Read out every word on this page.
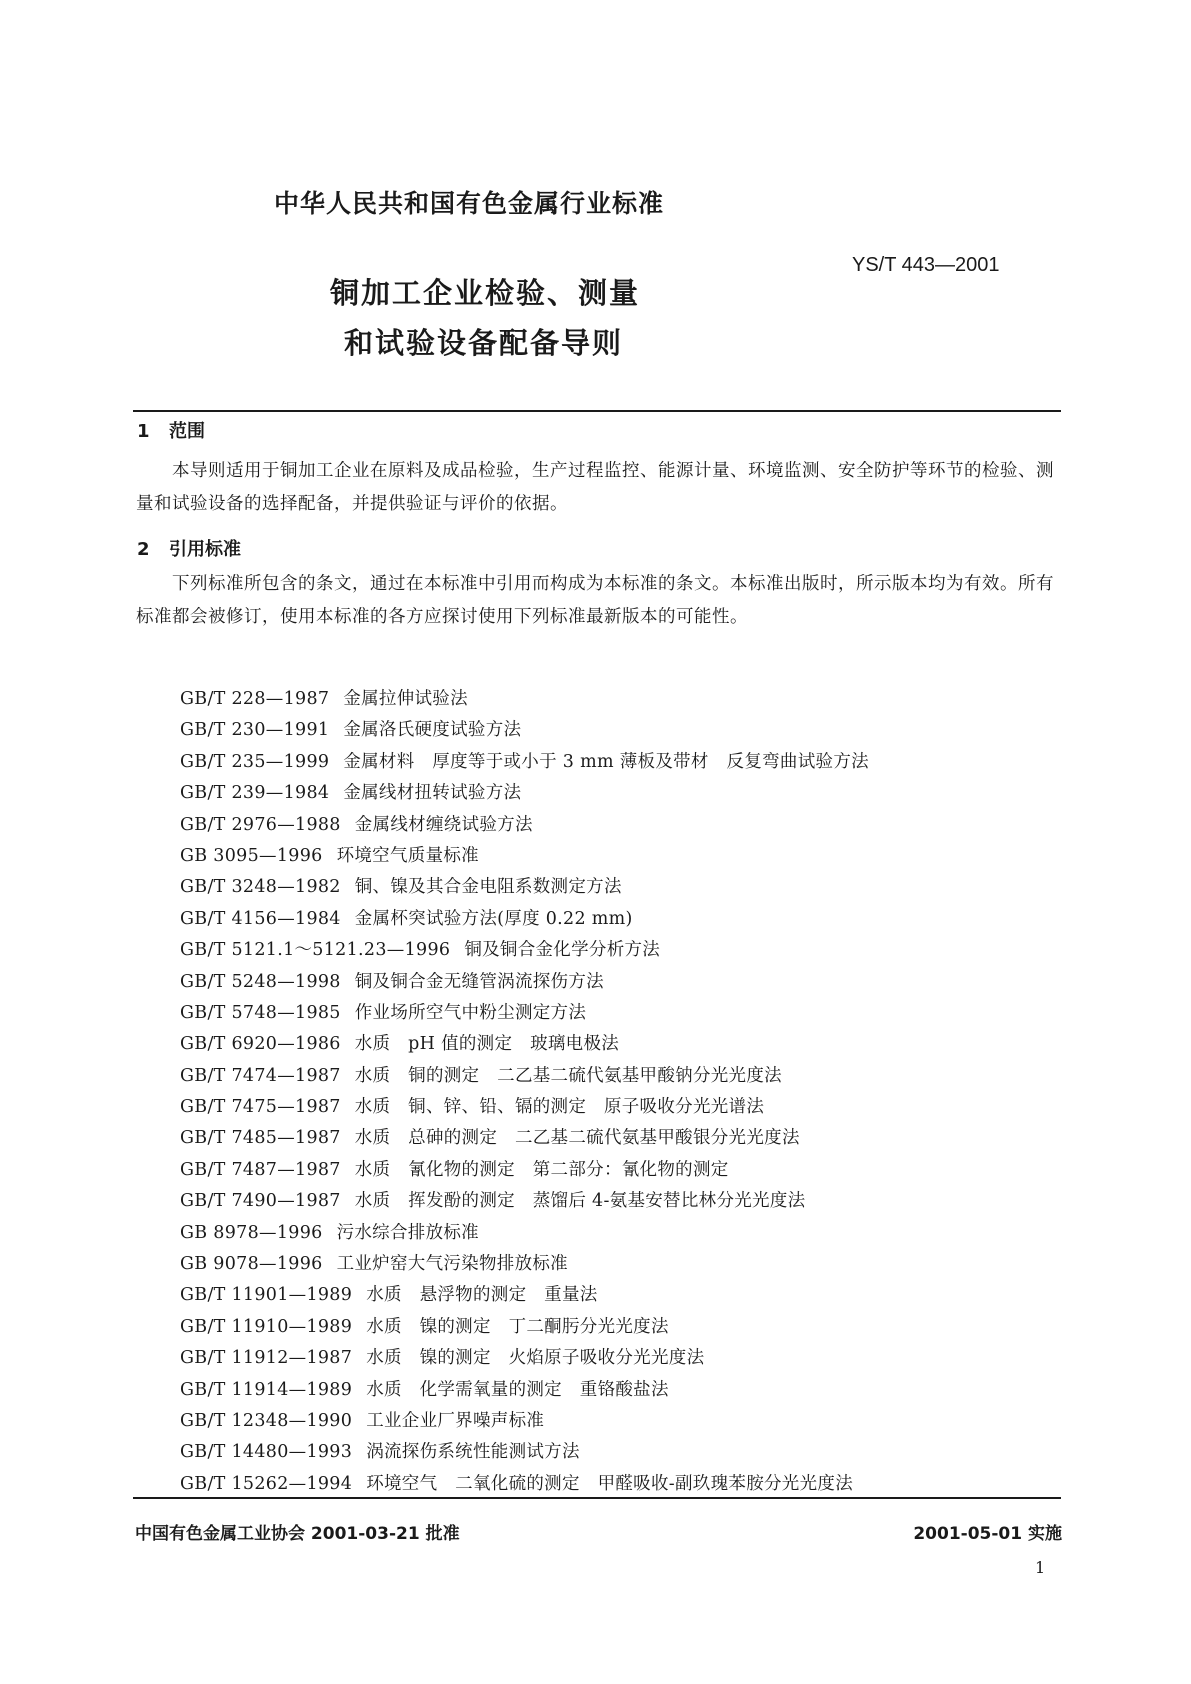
中华人民共和国有色金属行业标准
YS/T 443—2001
铜加工企业检验、测量
和试验设备配备导则
1 范围
本导则适用于铜加工企业在原料及成品检验，生产过程监控、能源计量、环境监测、安全防护等环节的检验、测量和试验设备的选择配备，并提供验证与评价的依据。
2 引用标准
下列标准所包含的条文，通过在本标准中引用而构成为本标准的条文。本标准出版时，所示版本均为有效。所有标准都会被修订，使用本标准的各方应探讨使用下列标准最新版本的可能性。
GB/T 228—1987 金属拉伸试验法
GB/T 230—1991 金属洛氏硬度试验方法
GB/T 235—1999 金属材料　厚度等于或小于 3 mm 薄板及带材　反复弯曲试验方法
GB/T 239—1984 金属线材扭转试验方法
GB/T 2976—1988 金属线材缠绕试验方法
GB 3095—1996 环境空气质量标准
GB/T 3248—1982 铜、镍及其合金电阻系数测定方法
GB/T 4156—1984 金属杯突试验方法(厚度 0.22 mm)
GB/T 5121.1～5121.23—1996 铜及铜合金化学分析方法
GB/T 5248—1998 铜及铜合金无缝管涡流探伤方法
GB/T 5748—1985 作业场所空气中粉尘测定方法
GB/T 6920—1986 水质　pH 值的测定　玻璃电极法
GB/T 7474—1987 水质　铜的测定　二乙基二硫代氨基甲酸钠分光光度法
GB/T 7475—1987 水质　铜、锌、铅、镉的测定　原子吸收分光光谱法
GB/T 7485—1987 水质　总砷的测定　二乙基二硫代氨基甲酸银分光光度法
GB/T 7487—1987 水质　氰化物的测定　第二部分：氰化物的测定
GB/T 7490—1987 水质　挥发酚的测定　蒸馏后 4-氨基安替比林分光光度法
GB 8978—1996 污水综合排放标准
GB 9078—1996 工业炉窑大气污染物排放标准
GB/T 11901—1989 水质　悬浮物的测定　重量法
GB/T 11910—1989 水质　镍的测定　丁二酮肟分光光度法
GB/T 11912—1987 水质　镍的测定　火焰原子吸收分光光度法
GB/T 11914—1989 水质　化学需氧量的测定　重铬酸盐法
GB/T 12348—1990 工业企业厂界噪声标准
GB/T 14480—1993 涡流探伤系统性能测试方法
GB/T 15262—1994 环境空气　二氧化硫的测定　甲醛吸收-副玖瑰苯胺分光光度法
中国有色金属工业协会 2001-03-21 批准	2001-05-01 实施
1
